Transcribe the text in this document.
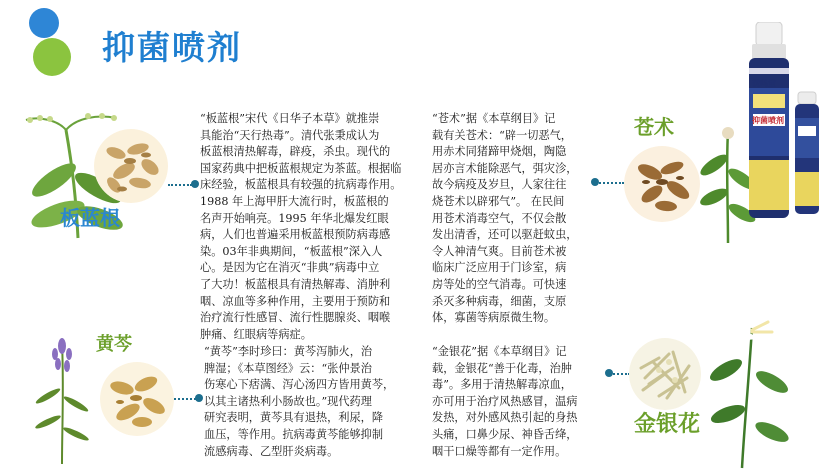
抑菌喷剂
板蓝根

“板蓝根”宋代《日华子本草》就推崇
具能治“天行热毒”。清代张秉成认为
板蓝根清热解毒，辟疫，杀虫。现代的
国家药典中把板蓝根规定为茶蓝。根据临
床经验，板蓝根具有较强的抗病毒作用。
1988 年上海甲肝大流行时，板蓝根的
名声开始响亮。1995 年华北爆发红眼
病，人们也普遍采用板蓝根预防病毒感
染。03年非典期间，“板蓝根”深入人
心。是因为它在消灭“非典”病毒中立
了大功！板蓝根具有清热解毒、消肿利
咽、凉血等多种作用，主要用于预防和
治疗流行性感冒、流行性腮腺炎、咽喉
肿痛、红眼病等病症。

“苍术”据《本草纲目》记
载有关苍术：“辟一切恶气，
用赤术同猪蹄甲烧烟，陶隐
居亦言术能除恶气，弭灾沴，
故今病疫及岁旦，人家往往
烧苍术以辟邪气”。 在民间
用苍术消毒空气，不仅会散
发出清香，还可以驱赶蚊虫，
令人神清气爽。目前苍术被
临床广泛应用于门诊室，病
房等处的空气消毒。可快速
杀灭多种病毒，细菌，支原
体，寡菌等病原微生物。

苍术
鹊鸣堂
抑菌喷剂
黄芩	“黄芩”李时珍曰：黄芩泻肺火，治
脾湿；《本草图经》云：“张仲景治
伤寒心下痞满、泻心汤四方皆用黄芩，
以其主诸热利小肠故也。”现代药理
研究表明，黄芩具有退热，利尿，降
血压，等作用。抗病毒黄芩能够抑制
流感病毒、乙型肝炎病毒。

“金银花”据《本草纲目》记
载，金银花“善于化毒，治肿
毒”。多用于清热解毒凉血，
亦可用于治疗风热感冒，温病
发热，对外感风热引起的身热
头痛，口鼻少尿、神昏舌绛，
咽干口燥等都有一定作用。

金银花
